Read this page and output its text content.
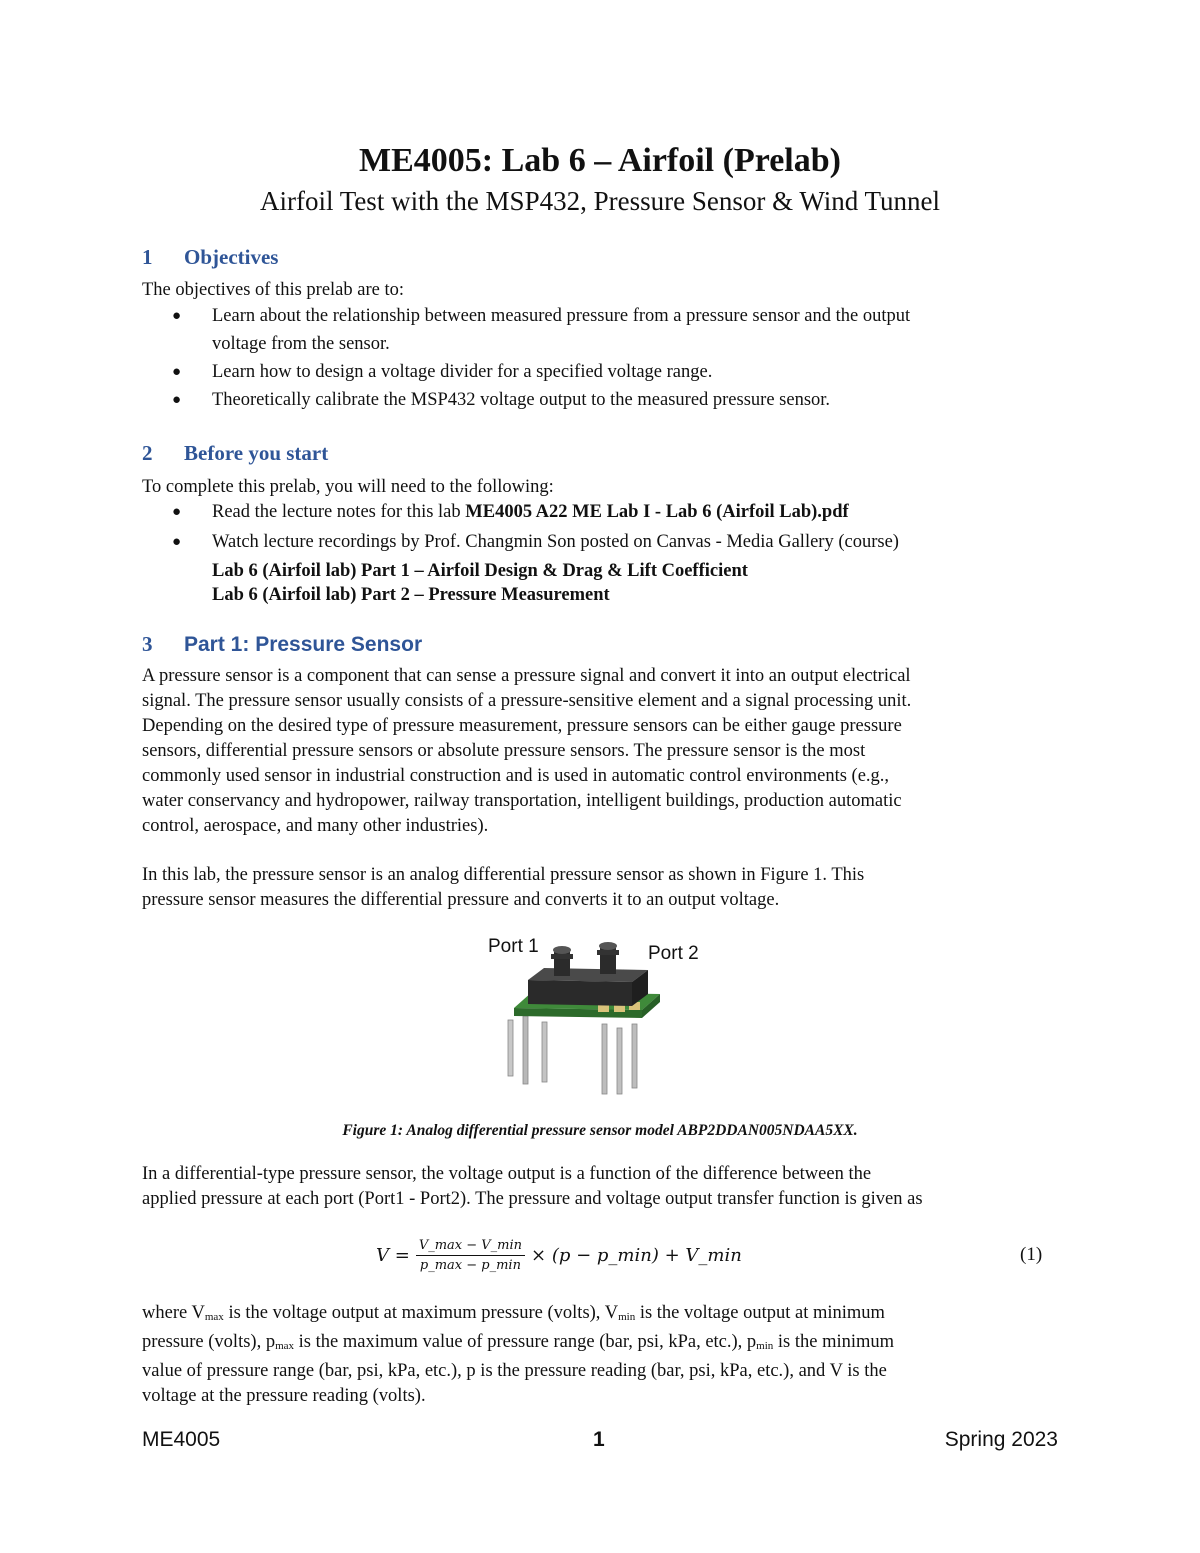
ME4005: Lab 6 – Airfoil (Prelab)
Airfoil Test with the MSP432, Pressure Sensor & Wind Tunnel
1 Objectives
The objectives of this prelab are to:
● Learn about the relationship between measured pressure from a pressure sensor and the output
voltage from the sensor.
● Learn how to design a voltage divider for a specified voltage range.
● Theoretically calibrate the MSP432 voltage output to the measured pressure sensor.
2 Before you start
To complete this prelab, you will need to the following:
● Read the lecture notes for this lab ME4005 A22 ME Lab I - Lab 6 (Airfoil Lab).pdf
● Watch lecture recordings by Prof. Changmin Son posted on Canvas - Media Gallery (course)
Lab 6 (Airfoil lab) Part 1 – Airfoil Design & Drag & Lift Coefficient
Lab 6 (Airfoil lab) Part 2 – Pressure Measurement
3 Part 1: Pressure Sensor
A pressure sensor is a component that can sense a pressure signal and convert it into an output electrical
signal. The pressure sensor usually consists of a pressure-sensitive element and a signal processing unit.
Depending on the desired type of pressure measurement, pressure sensors can be either gauge pressure
sensors, differential pressure sensors or absolute pressure sensors. The pressure sensor is the most
commonly used sensor in industrial construction and is used in automatic control environments (e.g.,
water conservancy and hydropower, railway transportation, intelligent buildings, production automatic
control, aerospace, and many other industries).
In this lab, the pressure sensor is an analog differential pressure sensor as shown in Figure 1. This
pressure sensor measures the differential pressure and converts it to an output voltage.
Port 1	Port 2
Figure 1: Analog differential pressure sensor model ABP2DDAN005NDAA5XX.
In a differential-type pressure sensor, the voltage output is a function of the difference between the
applied pressure at each port (Port1 - Port2). The pressure and voltage output transfer function is given as
V = V_max − V_min
p_max − p_min × (p − p_min) + V_min	(1)
where $V_{max}$ is the voltage output at maximum pressure (volts), $V_{min}$ is the voltage output at minimum
pressure (volts), $p_{max}$ is the maximum value of pressure range (bar, psi, kPa, etc.), $p_{min}$ is the minimum
value of pressure range (bar, psi, kPa, etc.), p is the pressure reading (bar, psi, kPa, etc.), and V is the
voltage at the pressure reading (volts).
ME4005	1	Spring 2023
